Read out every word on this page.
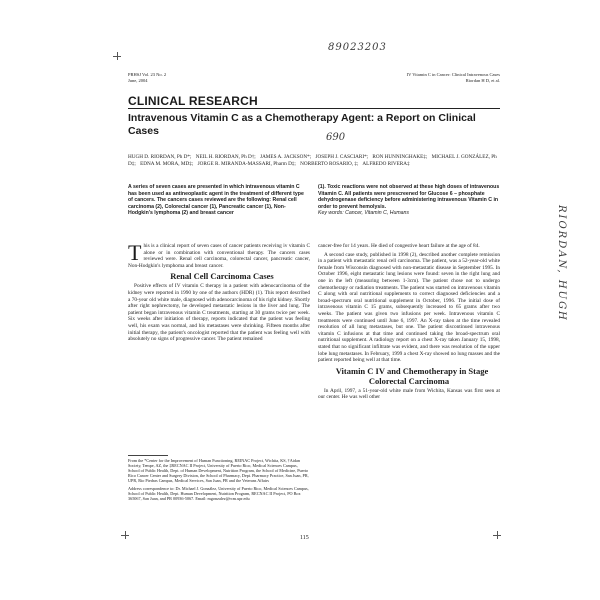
89023203
690
RIORDAN, HUGH
PRHSJ Vol. 23 No. 2
June, 2004
IV Vitamin C in Cancer: Clinical Intravenous Cases
Riordan H D, et al.
CLINICAL RESEARCH
Intravenous Vitamin C as a Chemotherapy Agent: a Report on Clinical Cases
HUGH D. RIORDAN, Ph D*; NEIL H. RIORDAN, Ph D†; JAMES A. JACKSON*; JOSEPH J. CASCIARI*; RON HUNNINGHAKE‡; MICHAEL J. GONZÁLEZ, Ph D‡; EDNA M. MORA, MD‡; JORGE R. MIRANDA-MASSARI, Pharm D‡; NORBERTO ROSARIO, ‡; ALFREDO RIVERA‡
A series of seven cases are presented in which intravenous vitamin C has been used as antineoplastic agent in the treatment of different type of cancers. The cancers cases reviewed are the following: Renal cell carcinoma (2), Colorectal cancer (1), Pancreatic cancer (1), Non-Hodgkin's lymphoma (2) and breast cancer
(1). Toxic reactions were not observed at these high doses of intravenous Vitamin C. All patients were prescreened for Glucose 6 – phosphate dehydrogenase deficiency before administering intravenous Vitamin C in order to prevent hemolysis.
Key words: Cancer, Vitamin C, Humans

This is a clinical report of seven cases of cancer patients receiving iv vitamin C alone or in combination with conventional therapy. The cancers cases reviewed were. Renal cell carcinoma, colorectal cancer, pancreatic cancer, Non-Hodgkin's lymphoma and breast cancer.

Renal Cell Carcinoma Cases

Positive effects of IV vitamin C therapy in a patient with adenocarcinoma of the kidney were reported in 1990 by one of the authors (HDR) (1). This report described a 70-year old white male, diagnosed with adenocarcinoma of his right kidney. Shortly after right nephrectomy, he developed metastatic lesions in the liver and lung. The patient began intravenous vitamin C treatments, starting at 30 grams twice per week. Six weeks after initiation of therapy, reports indicated that the patient was feeling well, his exam was normal, and his metastases were shrinking. Fifteen months after initial therapy, the patient's oncologist reported that the patient was feeling well with absolutely no signs of progressive cancer. The patient remained

cancer-free for 14 years. He died of congestive heart failure at the age of 84.

A second case study, published in 1998 (2), described another complete remission in a patient with metastatic renal cell carcinoma. The patient, was a 52-year-old white female from Wisconsin diagnosed with non-metastatic disease in September 1995. In October 1996, eight metastatic lung lesions were found: seven in the right lung and one in the left (measuring between 1-3cm). The patient chose not to undergo chemotherapy or radiation treatments. The patient was started on intravenous vitamin C along with oral nutritional supplements to correct diagnosed deficiencies and a broad-spectrum oral nutritional supplement in October, 1996. The initial dose of intravenous vitamin C 15 grams, subsequently increased to 65 grams after two weeks. The patient was given two infusions per week. Intravenous vitamin C treatments were continued until June 6, 1997. An X-ray taken at the time revealed resolution of all lung metastases, but one. The patient discontinued intravenous vitamin C infusions at that time and continued taking the broad-spectrum oral nutritional supplement. A radiology report on a chest X-ray taken January 15, 1998, stated that no significant infiltrate was evident, and there was resolution of the upper lobe lung metastases. In February, 1999 a chest X-ray showed no lung masses and the patient reported being well at that time.

Vitamin C IV and Chemotherapy in Stage Colorectal Carcinoma

In April, 1997, a 51-year-old white male from Wichita, Kansas was first seen at our center. He was well other

From the *Center for the Improvement of Human Functioning, REINAC Project, Wichita, KS, †Aidan Society, Tempe, AZ, the ‡RECNAC II Project, University of Puerto Rico, Medical Sciences Campus, School of Public Health, Dept. of Human Development, Nutrition Program, the School of Medicine, Puerto Rico Cancer Center and Surgery Division, the School of Pharmacy, Dept. Pharmacy Practice, San Juan, PR, UPR, Rio Piedras Campus, Medical Services, San Juan, PR and the Veterans Affairs

Address correspondence to: Dr. Michael J. González, University of Puerto Rico, Medical Sciences Campus, School of Public Health, Dept. Human Development, Nutrition Program, RECNAC II Project, PO Box 365067, San Juan, and PR 00936-5067. Email: mgonzalez@rcm.upr.edu

115
